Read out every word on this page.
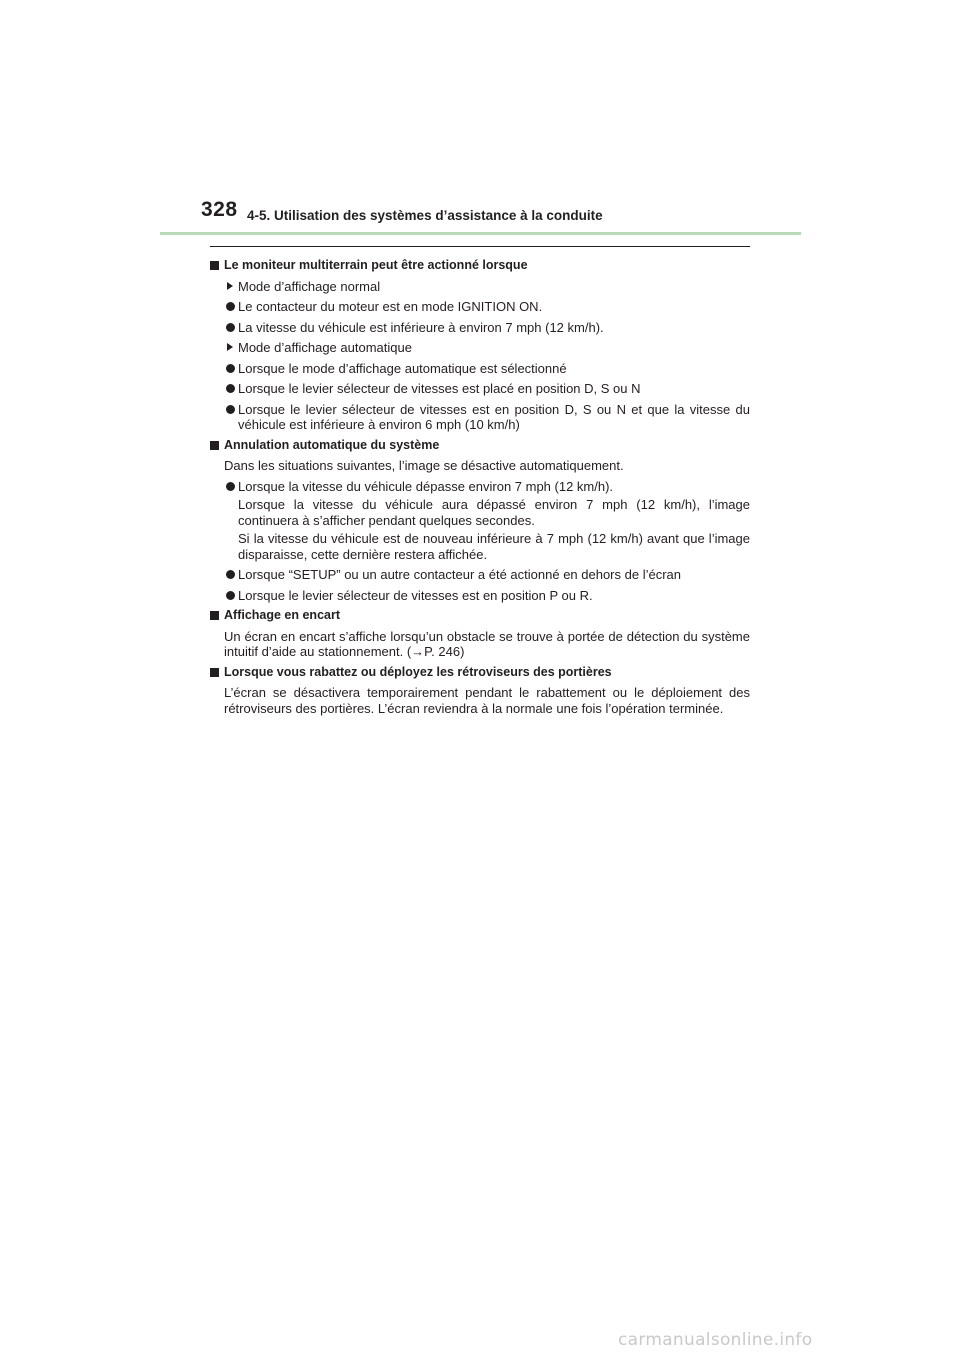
328 4-5. Utilisation des systèmes d’assistance à la conduite
Le moniteur multiterrain peut être actionné lorsque
Mode d’affichage normal
Le contacteur du moteur est en mode IGNITION ON.
La vitesse du véhicule est inférieure à environ 7 mph (12 km/h).
Mode d’affichage automatique
Lorsque le mode d’affichage automatique est sélectionné
Lorsque le levier sélecteur de vitesses est placé en position D, S ou N
Lorsque le levier sélecteur de vitesses est en position D, S ou N et que la vitesse du véhicule est inférieure à environ 6 mph (10 km/h)
Annulation automatique du système
Dans les situations suivantes, l’image se désactive automatiquement.
Lorsque la vitesse du véhicule dépasse environ 7 mph (12 km/h).
Lorsque la vitesse du véhicule aura dépassé environ 7 mph (12 km/h), l’image continuera à s’afficher pendant quelques secondes.
Si la vitesse du véhicule est de nouveau inférieure à 7 mph (12 km/h) avant que l’image disparaisse, cette dernière restera affichée.
Lorsque “SETUP” ou un autre contacteur a été actionné en dehors de l’écran
Lorsque le levier sélecteur de vitesses est en position P ou R.
Affichage en encart
Un écran en encart s’affiche lorsqu’un obstacle se trouve à portée de détection du système intuitif d’aide au stationnement. (→P. 246)
Lorsque vous rabattez ou déployez les rétroviseurs des portières
L’écran se désactivera temporairement pendant le rabattement ou le déploiement des rétroviseurs des portières. L’écran reviendra à la normale une fois l’opération terminée.
carmanualsonline.info
